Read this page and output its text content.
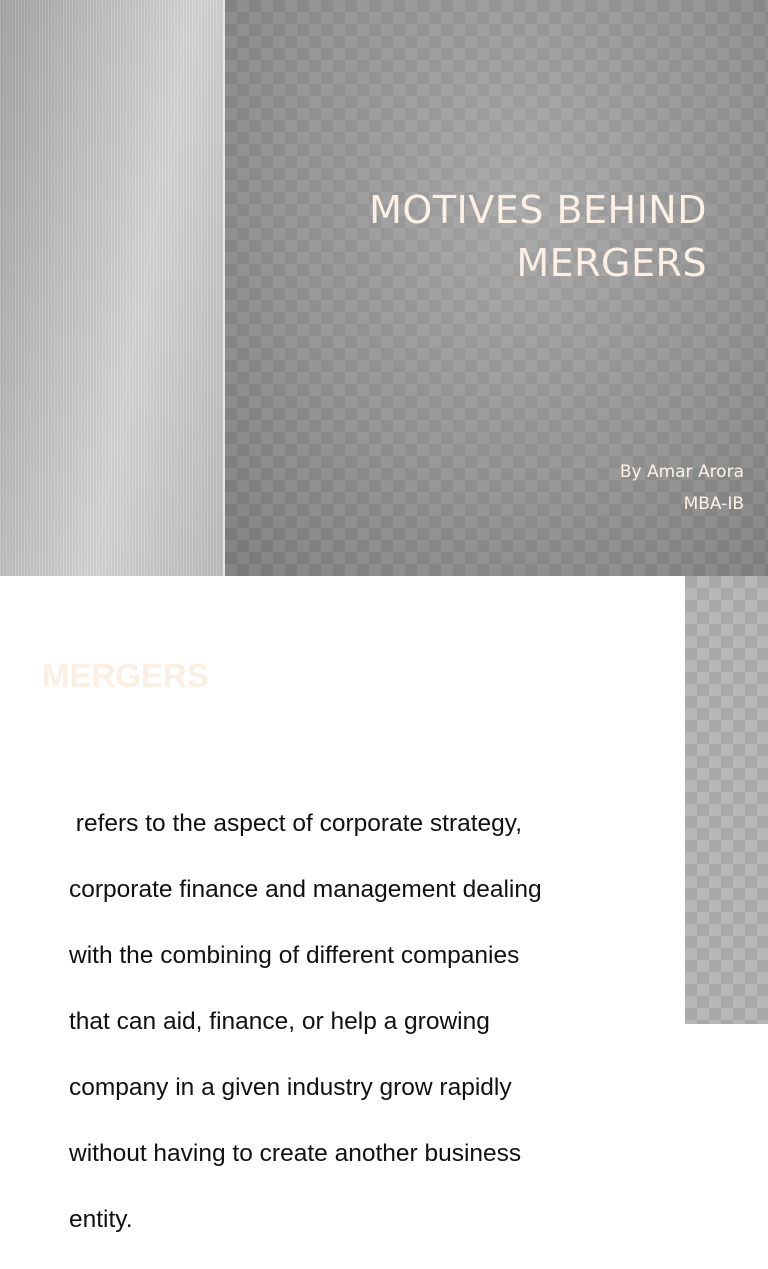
MOTIVES BEHIND
MERGERS
By Amar Arora
MBA-IB
MERGERS

refers to the aspect of corporate strategy,

corporate finance and management dealing

with the combining of different companies

that can aid, finance, or help a growing

company in a given industry grow rapidly

without having to create another business

entity.
